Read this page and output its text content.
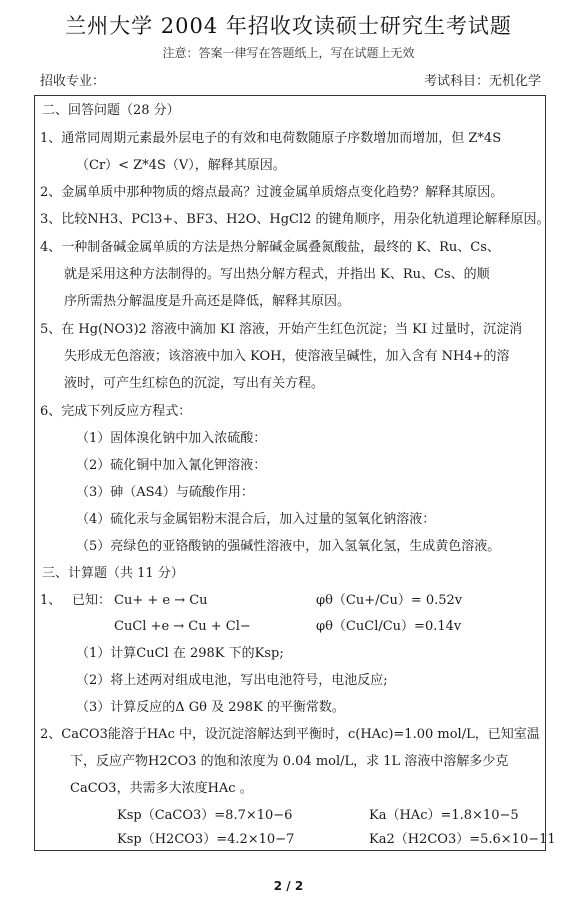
兰州大学 2004 年招收攻读硕士研究生考试题
注意：答案一律写在答题纸上，写在试题上无效
招收专业：	考试科目：无机化学
二、回答问题（28 分）
1、通常同周期元素最外层电子的有效和电荷数随原子序数增加而增加，但 Z*4S
（Cr）< Z*4S（V），解释其原因。
2、金属单质中那种物质的熔点最高？过渡金属单质熔点变化趋势？解释其原因。
3、比较NH3、PCl3+、BF3、H2O、HgCl2 的键角顺序，用杂化轨道理论解释原因。
4、一种制备碱金属单质的方法是热分解碱金属叠氮酸盐，最终的 K、Ru、Cs、
就是采用这种方法制得的。写出热分解方程式，并指出 K、Ru、Cs、的顺
序所需热分解温度是升高还是降低，解释其原因。
5、在 Hg(NO3)2 溶液中滴加 KI 溶液，开始产生红色沉淀；当 KI 过量时，沉淀消
失形成无色溶液；该溶液中加入 KOH，使溶液呈碱性，加入含有 NH4+的溶
液时，可产生红棕色的沉淀，写出有关方程。
6、完成下列反应方程式：
（1）固体溴化钠中加入浓硫酸：
（2）硫化铜中加入氰化钾溶液：
（3）砷（AS4）与硫酸作用：
（4）硫化汞与金属铝粉末混合后，加入过量的氢氧化钠溶液：
（5）亮绿色的亚铬酸钠的强碱性溶液中，加入氢氧化氢，生成黄色溶液。
三、计算题（共 11 分）
1、 已知： Cu+ + e → Cu	φθ（Cu+/Cu）= 0.52v
CuCl +e → Cu + Cl−	φθ（CuCl/Cu）=0.14v
（1）计算CuCl 在 298K 下的Ksp;
（2）将上述两对组成电池，写出电池符号，电池反应;
（3）计算反应的Δ Gθ 及 298K 的平衡常数。
2、CaCO3能溶于HAc 中，设沉淀溶解达到平衡时，c(HAc)=1.00 mol/L，已知室温
下，反应产物H2CO3 的饱和浓度为 0.04 mol/L，求 1L 溶液中溶解多少克
CaCO3，共需多大浓度HAc 。
Ksp（CaCO3）=8.7×10−6	Ka（HAc）=1.8×10−5
Ksp（H2CO3）=4.2×10−7	Ka2（H2CO3）=5.6×10−11
2 / 2
